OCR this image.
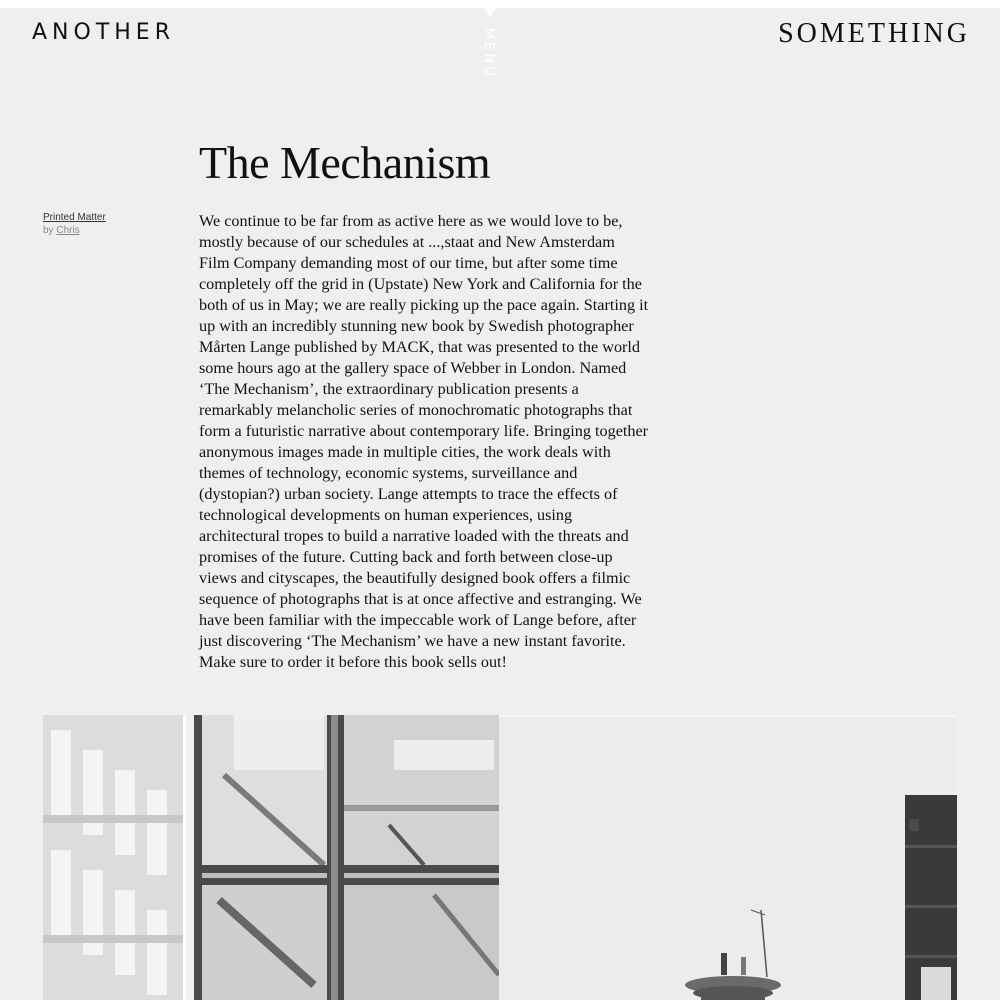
ANOTHER	MENU	SOMETHING
The Mechanism
Printed Matter
by Chris

We continue to be far from as active here as we would love to be, mostly because of our schedules at ...,staat and New Amsterdam Film Company demanding most of our time, but after some time completely off the grid in (Upstate) New York and California for the both of us in May; we are really picking up the pace again. Starting it up with an incredibly stunning new book by Swedish photographer Mårten Lange published by MACK, that was presented to the world some hours ago at the gallery space of Webber in London. Named ‘The Mechanism’, the extraordinary publication presents a remarkably melancholic series of monochromatic photographs that form a futuristic narrative about contemporary life. Bringing together anonymous images made in multiple cities, the work deals with themes of technology, economic systems, surveillance and (dystopian?) urban society. Lange attempts to trace the effects of technological developments on human experiences, using architectural tropes to build a narrative loaded with the threats and promises of the future. Cutting back and forth between close-up views and cityscapes, the beautifully designed book offers a filmic sequence of photographs that is at once affective and estranging. We have been familiar with the impeccable work of Lange before, after just discovering ‘The Mechanism’ we have a new instant favorite. Make sure to order it before this book sells out!
